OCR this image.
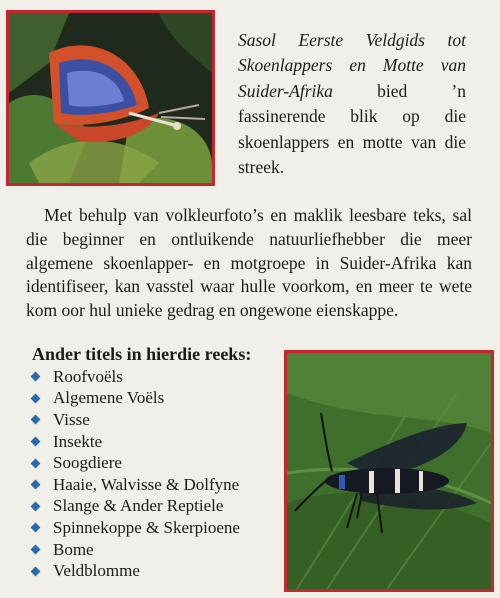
Sasol Eerste Veldgids tot Skoenlappers en Motte van Suider-Afrika bied ’n fassinerende blik op die skoenlappers en motte van die streek.

Met behulp van volkleurfoto’s en maklik leesbare teks, sal die beginner en ontluikende natuurliefhebber die meer algemene skoenlapper- en motgroepe in Suider-Afrika kan identifiseer, kan vasstel waar hulle voorkom, en meer te wete kom oor hul unieke gedrag en ongewone eienskappe.

Ander titels in hierdie reeks:
Roofvoëls
Algemene Voëls
Visse
Insekte
Soogdiere
Haaie, Walvisse & Dolfyne
Slange & Ander Reptiele
Spinnekoppe & Skerpioene
Bome
Veldblomme
